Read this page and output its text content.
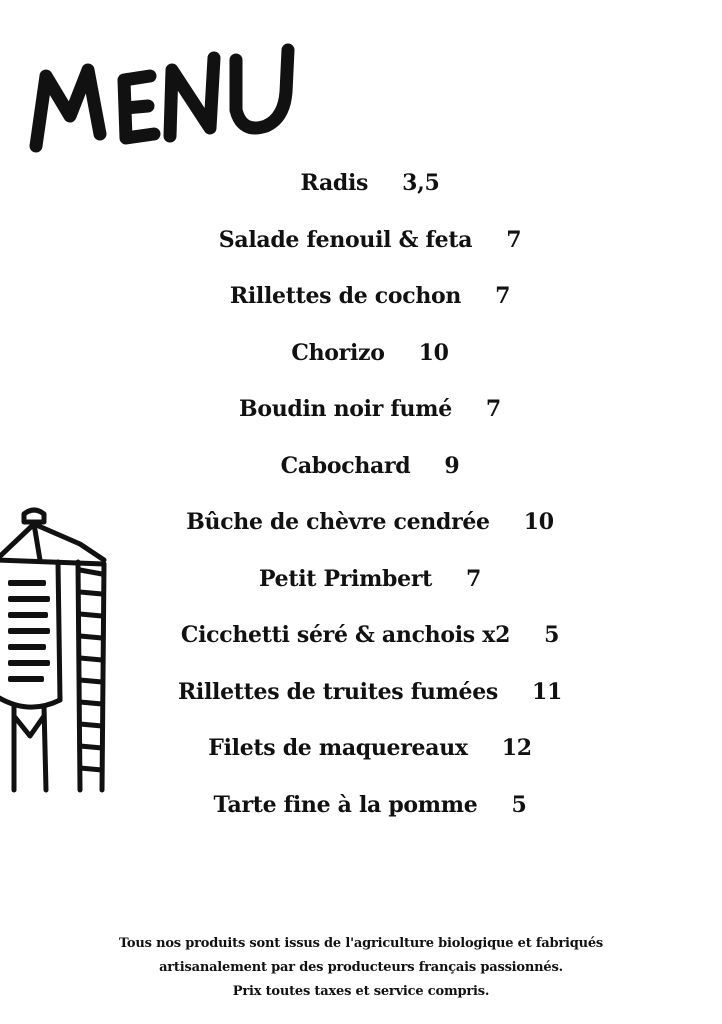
Radis 3,5
Salade fenouil & feta 7
Rillettes de cochon 7
Chorizo 10
Boudin noir fumé 7
Cabochard 9
Bûche de chèvre cendrée 10
Petit Primbert 7
Cicchetti séré & anchois x2 5
Rillettes de truites fumées 11
Filets de maquereaux 12
Tarte fine à la pomme 5
Tous nos produits sont issus de l'agriculture biologique et fabriqués
artisanalement par des producteurs français passionnés.
Prix toutes taxes et service compris.
